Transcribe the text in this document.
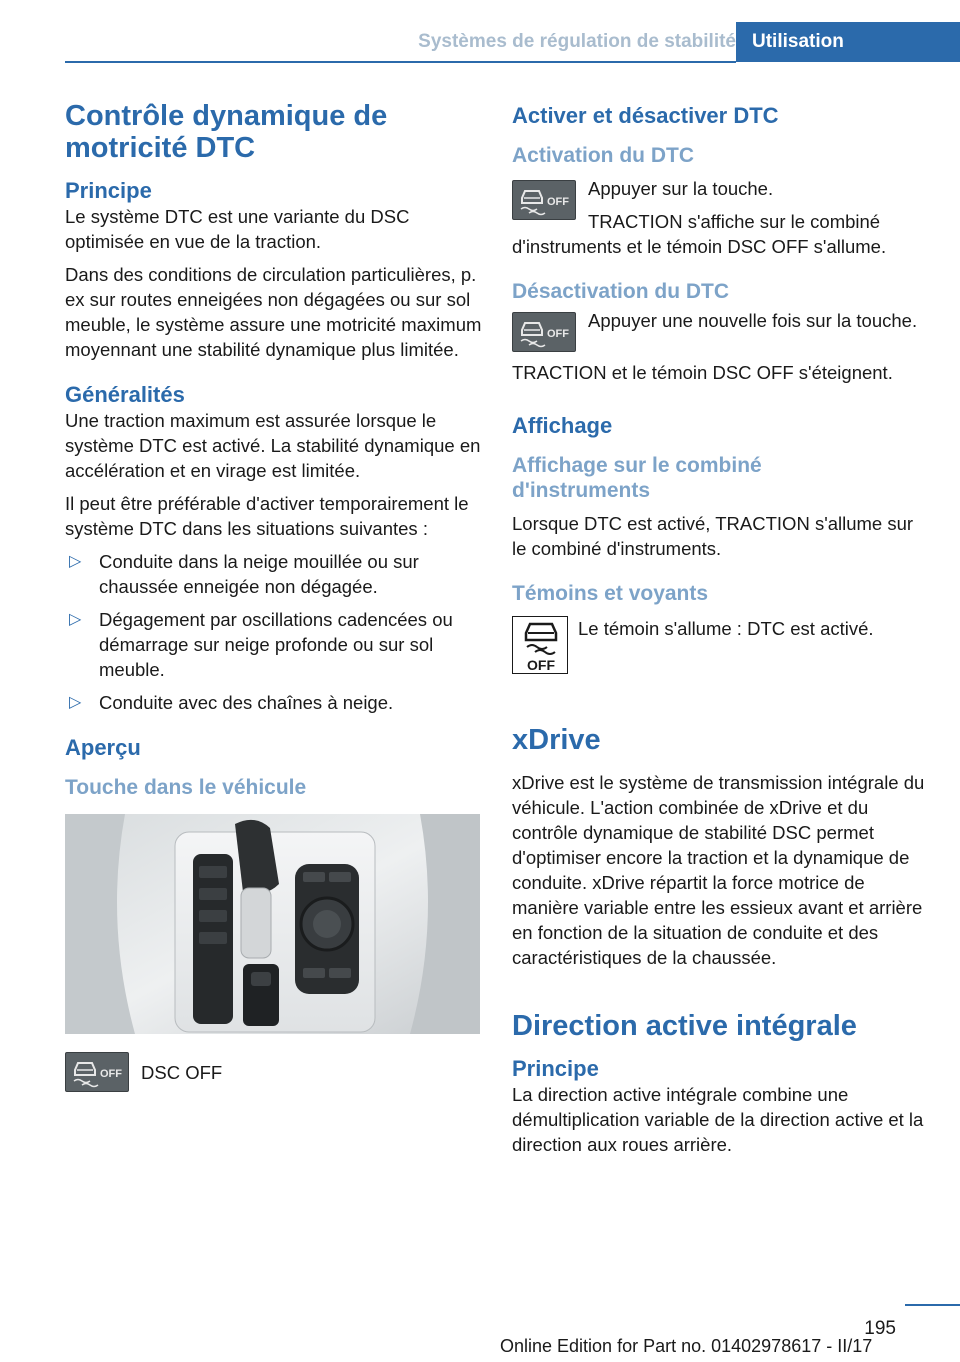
Systèmes de régulation de stabilité Utilisation
Contrôle dynamique de motricité DTC
Principe

Le système DTC est une variante du DSC optimisée en vue de la traction.

Dans des conditions de circulation particulières, p. ex sur routes enneigées non dégagées ou sur sol meuble, le système assure une motricité maximum moyennant une stabilité dynamique plus limitée.

Généralités

Une traction maximum est assurée lorsque le système DTC est activé. La stabilité dynamique en accélération et en virage est limitée.

Il peut être préférable d'activer temporairement le système DTC dans les situations suivantes :

▷ Conduite dans la neige mouillée ou sur chaussée enneigée non dégagée.
▷ Dégagement par oscillations cadencées ou démarrage sur neige profonde ou sur sol meuble.
▷ Conduite avec des chaînes à neige.
Aperçu
Touche dans le véhicule
OFF DSC OFF

Activer et désactiver DTC
Activation du DTC
OFF

Appuyer sur la touche.

TRACTION s'affiche sur le combiné d'instruments et le témoin DSC OFF s'allume.

Désactivation du DTC
OFF

Appuyer une nouvelle fois sur la touche.

TRACTION et le témoin DSC OFF s'éteignent.

Affichage
Affichage sur le combiné d'instruments

Lorsque DTC est activé, TRACTION s'allume sur le combiné d'instruments.

Témoins et voyants
OFF

Le témoin s'allume : DTC est activé.

xDrive

xDrive est le système de transmission intégrale du véhicule. L'action combinée de xDrive et du contrôle dynamique de stabilité DSC permet d'optimiser encore la traction et la dynamique de conduite. xDrive répartit la force motrice de manière variable entre les essieux avant et arrière en fonction de la situation de conduite et des caractéristiques de la chaussée.

Direction active intégrale
Principe

La direction active intégrale combine une démultiplication variable de la direction active et la direction aux roues arrière.

195
Online Edition for Part no. 01402978617 - II/17
